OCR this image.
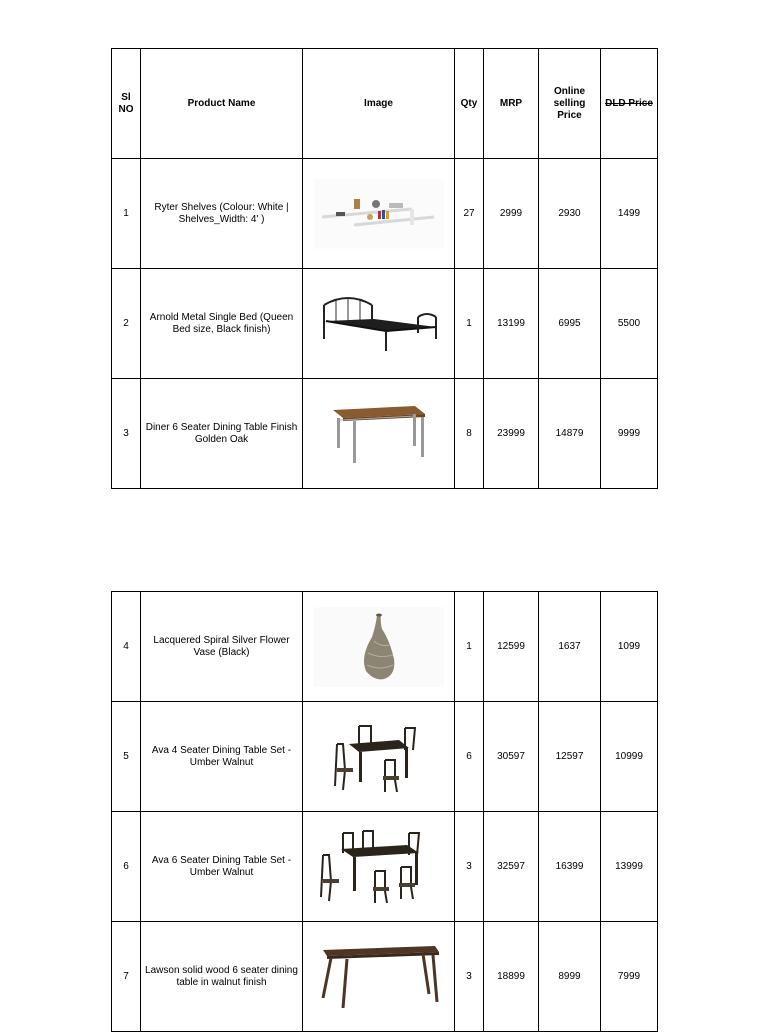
Sl NO	Product Name	Image	Qty	MRP	Online selling Price	DLD Price
1	Ryter Shelves (Colour: White | Shelves_Width: 4' )		27	2999	2930	1499
2	Arnold Metal Single Bed (Queen Bed size, Black finish)		1	13199	6995	5500
3	Diner 6 Seater Dining Table Finish Golden Oak		8	23999	14879	9999
4	Lacquered Spiral Silver Flower Vase (Black)		1	12599	1637	1099
5	Ava 4 Seater Dining Table Set - Umber Walnut		6	30597	12597	10999
6	Ava 6 Seater Dining Table Set - Umber Walnut		3	32597	16399	13999
7	Lawson solid wood 6 seater dining table in walnut finish		3	18899	8999	7999
